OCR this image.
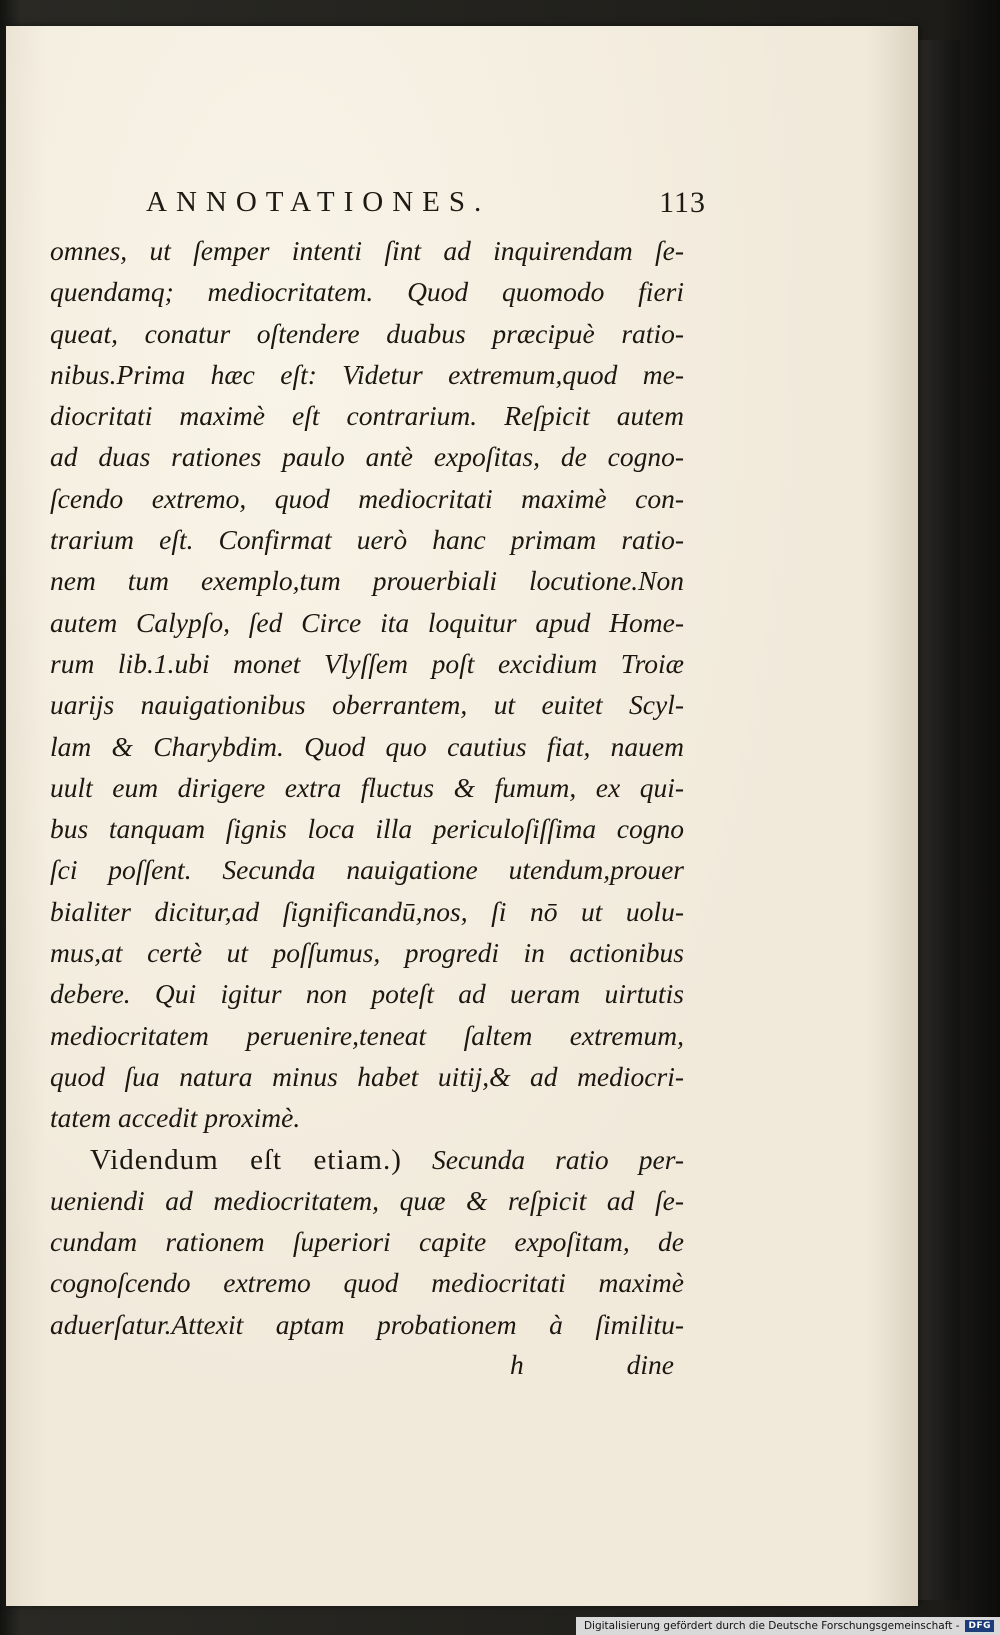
ANNOTATIONES.	113
omnes, ut ſemper intenti ſint ad inquirendam ſe-
quendamq; mediocritatem. Quod quomodo fieri
queat, conatur oſtendere duabus præcipuè ratio-
nibus.Prima hæc eſt: Videtur extremum,quod me-
diocritati maximè eſt contrarium. Reſpicit autem
ad duas rationes paulo antè expoſitas, de cogno-
ſcendo extremo, quod mediocritati maximè con-
trarium eſt. Confirmat uerò hanc primam ratio-
nem tum exemplo,tum prouerbiali locutione.Non
autem Calypſo, ſed Circe ita loquitur apud Home-
rum lib.1.ubi monet Vlyſſem poſt excidium Troiæ
uarijs nauigationibus oberrantem, ut euitet Scyl-
lam & Charybdim. Quod quo cautius fiat, nauem
uult eum dirigere extra fluctus & fumum, ex qui-
bus tanquam ſignis loca illa periculoſiſſima cogno
ſci poſſent. Secunda nauigatione utendum,prouer
bialiter dicitur,ad ſignificandū,nos, ſi nō ut uolu-
mus,at certè ut poſſumus, progredi in actionibus
debere. Qui igitur non poteſt ad ueram uirtutis
mediocritatem peruenire,teneat ſaltem extremum,
quod ſua natura minus habet uitij,& ad mediocri-
tatem accedit proximè.
Videndum eſt etiam.) Secunda ratio per-
ueniendi ad mediocritatem, quæ & reſpicit ad ſe-
cundam rationem ſuperiori capite expoſitam, de
cognoſcendo extremo quod mediocritati maximè
aduerſatur.Attexit aptam probationem à ſimilitu-
h	dine
Digitalisierung gefördert durch die Deutsche Forschungsgemeinschaft -	DFG
